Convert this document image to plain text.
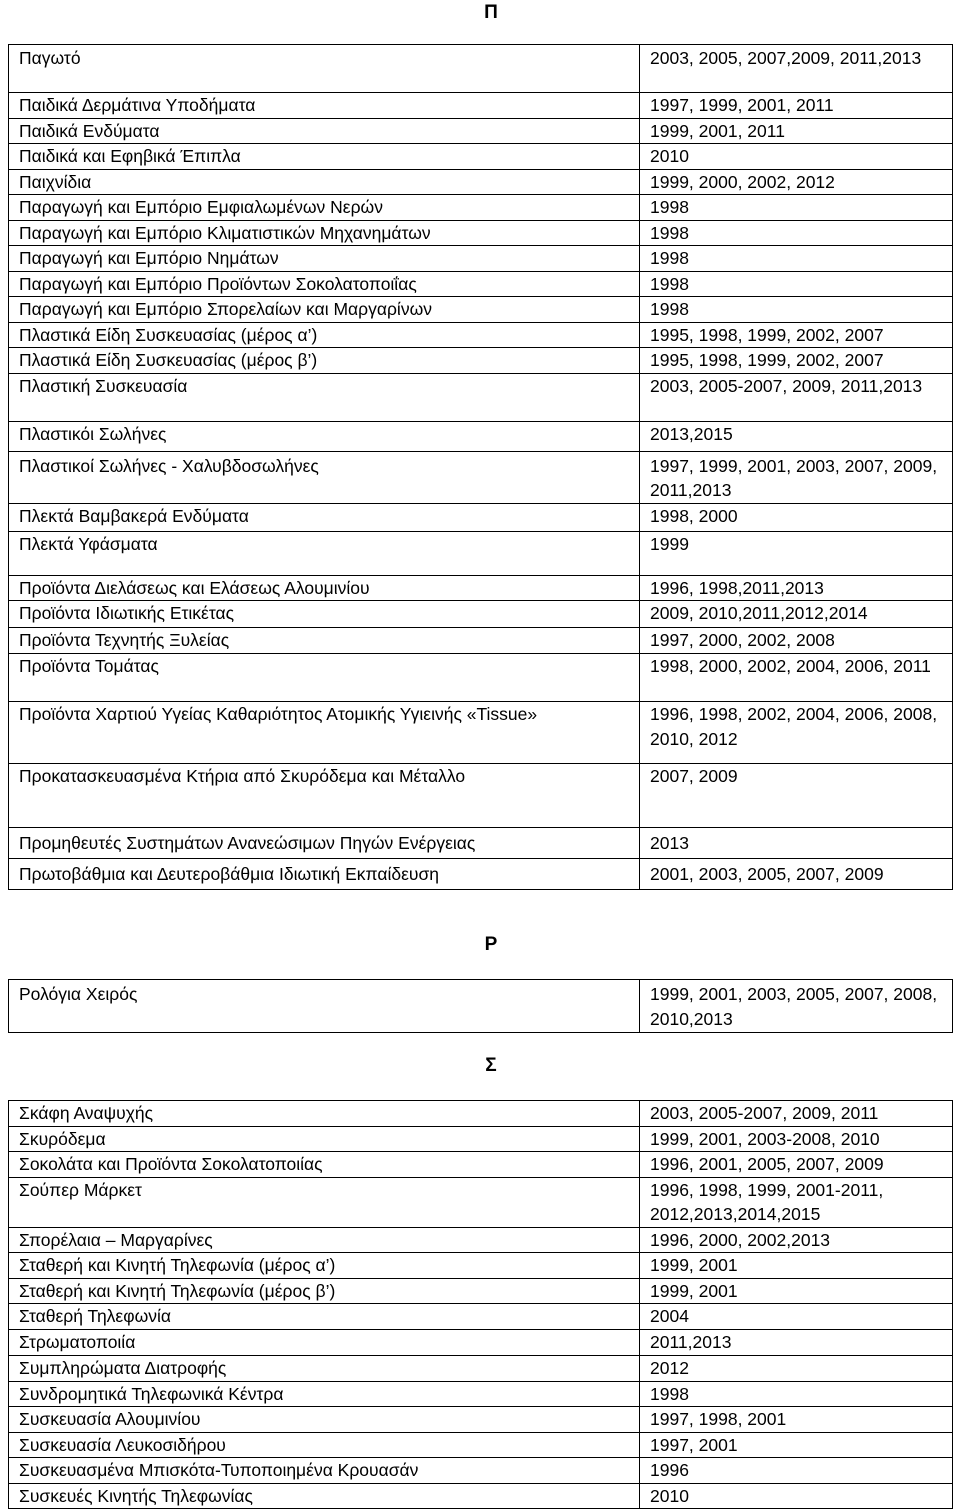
Π
Παγωτό	2003, 2005, 2007,2009, 2011,2013
Παιδικά Δερμάτινα Υποδήματα	1997, 1999, 2001, 2011
Παιδικά Ενδύματα	1999, 2001, 2011
Παιδικά και Εφηβικά Έπιπλα	2010
Παιχνίδια	1999, 2000, 2002, 2012
Παραγωγή και Εμπόριο Εμφιαλωμένων Νερών	1998
Παραγωγή και Εμπόριο Κλιματιστικών Μηχανημάτων	1998
Παραγωγή και Εμπόριο Νημάτων	1998
Παραγωγή και Εμπόριο Προϊόντων Σοκολατοποιΐας	1998
Παραγωγή και Εμπόριο Σπορελαίων και Μαργαρίνων	1998
Πλαστικά Είδη Συσκευασίας (μέρος α’)	1995, 1998, 1999, 2002, 2007
Πλαστικά Είδη Συσκευασίας (μέρος β’)	1995, 1998, 1999, 2002, 2007
Πλαστική Συσκευασία	2003, 2005-2007, 2009, 2011,2013
Πλαστικόι Σωλήνες	2013,2015
Πλαστικοί Σωλήνες - Χαλυβδοσωλήνες	1997, 1999, 2001, 2003, 2007, 2009, 2011,2013
Πλεκτά Βαμβακερά Ενδύματα	1998, 2000
Πλεκτά Υφάσματα	1999
Προϊόντα Διελάσεως και Ελάσεως Αλουμινίου	1996, 1998,2011,2013
Προϊόντα Ιδιωτικής Ετικέτας	2009, 2010,2011,2012,2014
Προϊόντα Τεχνητής Ξυλείας	1997, 2000, 2002, 2008
Προϊόντα Τομάτας	1998, 2000, 2002, 2004, 2006, 2011
Προϊόντα Χαρτιού Υγείας Καθαριότητος Ατομικής Υγιεινής «Tissue»	1996, 1998, 2002, 2004, 2006, 2008, 2010, 2012
Προκατασκευασμένα Κτήρια από Σκυρόδεμα και Μέταλλο	2007, 2009
Προμηθευτές Συστημάτων Ανανεώσιμων Πηγών Ενέργειας	2013
Πρωτοβάθμια και Δευτεροβάθμια Ιδιωτική Εκπαίδευση	2001, 2003, 2005, 2007, 2009
Ρ
Ρολόγια Χειρός	1999, 2001, 2003, 2005, 2007, 2008, 2010,2013
Σ
Σκάφη Αναψυχής	2003, 2005-2007, 2009, 2011
Σκυρόδεμα	1999, 2001, 2003-2008, 2010
Σοκολάτα και Προϊόντα Σοκολατοποιίας	1996, 2001, 2005, 2007, 2009
Σούπερ Μάρκετ	1996, 1998, 1999, 2001-2011, 2012,2013,2014,2015
Σπορέλαια – Μαργαρίνες	1996, 2000, 2002,2013
Σταθερή και Κινητή Τηλεφωνία (μέρος α’)	1999, 2001
Σταθερή και Κινητή Τηλεφωνία (μέρος β’)	1999, 2001
Σταθερή Τηλεφωνία	2004
Στρωματοποιία	2011,2013
Συμπληρώματα Διατροφής	2012
Συνδρομητικά Τηλεφωνικά Κέντρα	1998
Συσκευασία Αλουμινίου	1997, 1998, 2001
Συσκευασία Λευκοσιδήρου	1997, 2001
Συσκευασμένα Μπισκότα-Τυποποιημένα Κρουασάν	1996
Συσκευές Κινητής Τηλεφωνίας	2010
